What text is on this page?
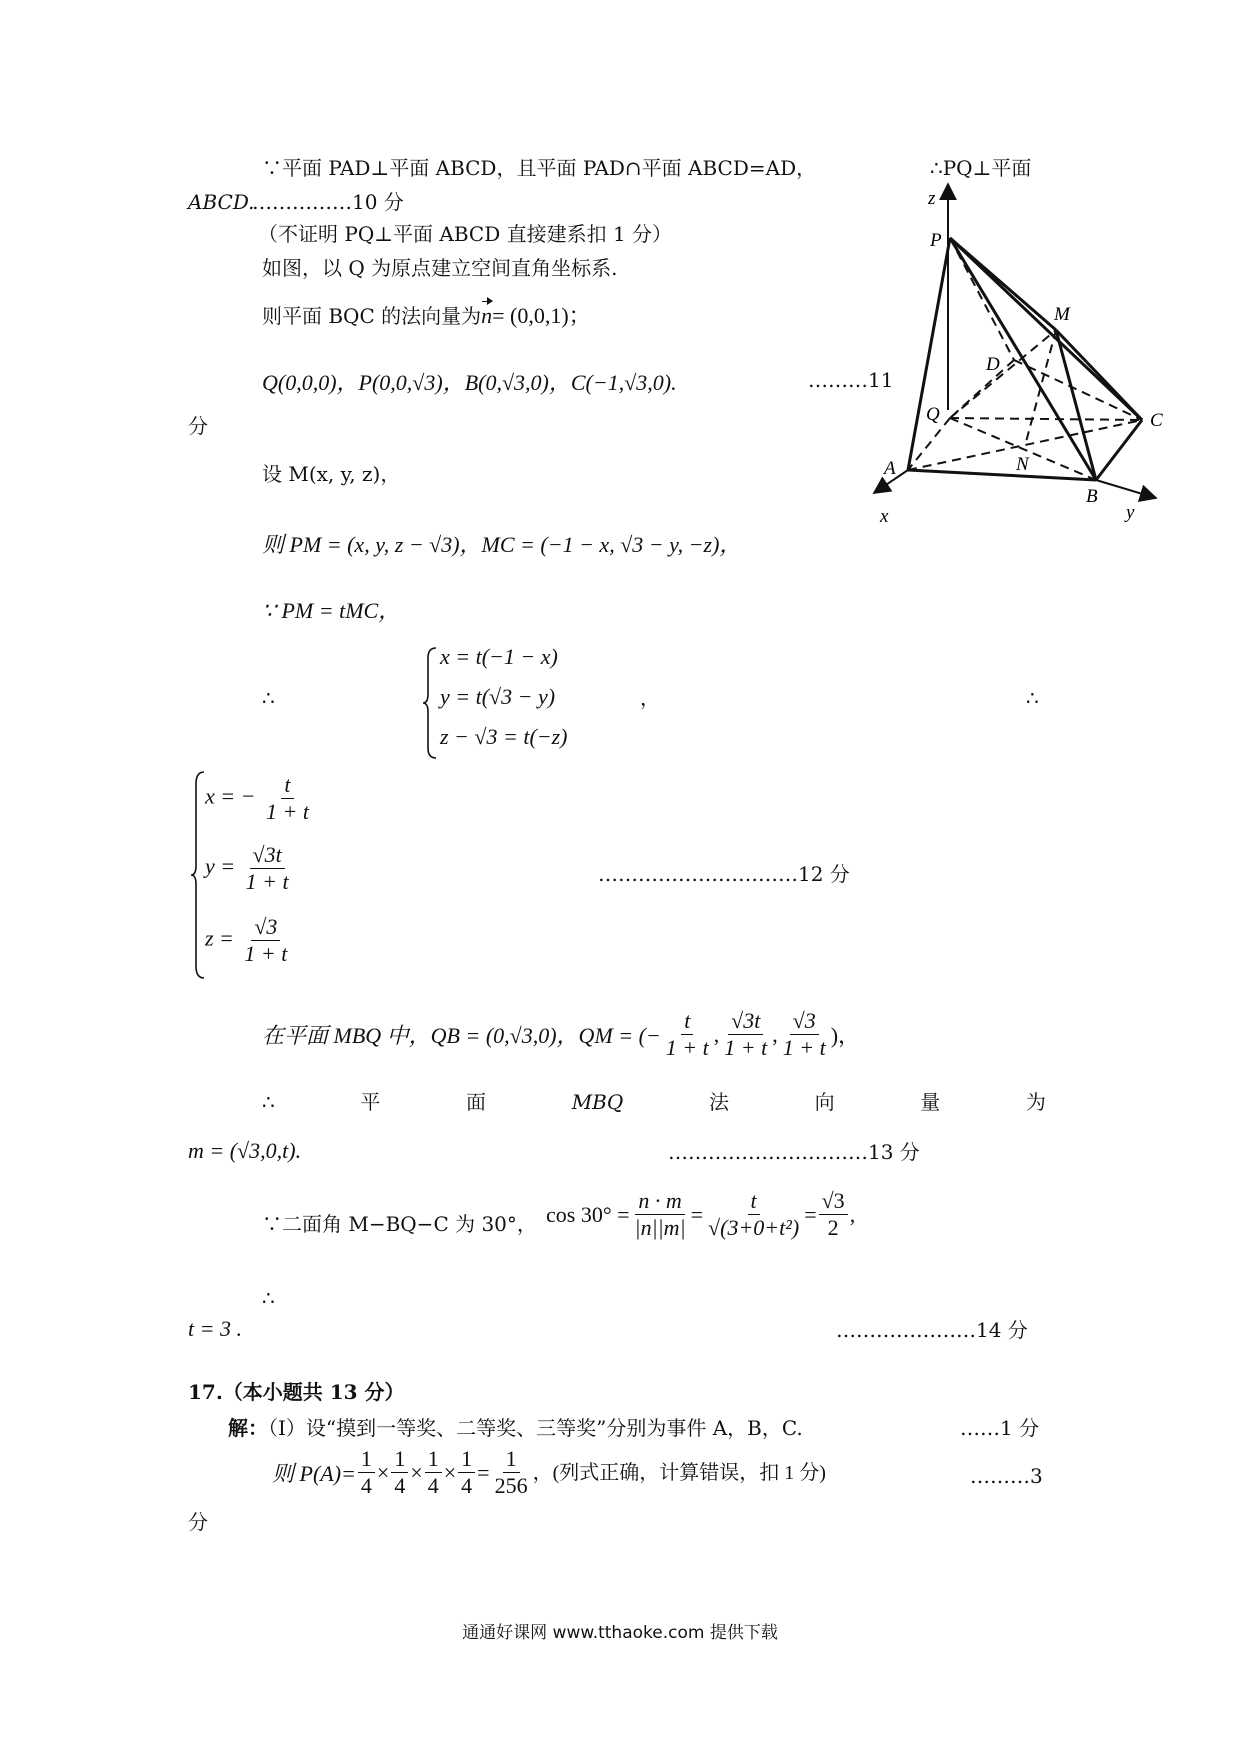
∵平面 PAD⊥平面 ABCD，且平面 PAD∩平面 ABCD=AD，	∴PQ⊥平面
ABCD.
……………10 分
（不证明 PQ⊥平面 ABCD 直接建系扣 1 分）
如图，以 Q 为原点建立空间直角坐标系.
则平面 BQC 的法向量为n= (0,0,1)；
Q(0,0,0)，P(0,0,√3)，B(0,√3,0)，C(−1,√3,0).	………11
分
设 M(x, y, z)，
则 PM = (x, y, z − √3)，MC = (−1 − x, √3 − y, −z)，
∵ PM = tMC，
∴
x = t(−1 − x)
y = t(√3 − y)
z − √3 = t(−z)
，	∴
x = − $\frac{t}{1 + t}$
$y = \frac{√3t}{1 + t}$
$z = \frac{√3}{1 + t}$
…………………………12 分
在平面 MBQ 中，QB = (0,√3,0)，QM = (− $\frac{t}{1 + t}$ , $\frac{√3t}{1 + t}$ , $\frac{√3}{1 + t}$ )，
∴	平	面	MBQ	法	向	量	为
m = (√3,0,t).	…………………………13 分
∵二面角 M−BQ−C 为 30°， $\cos 30^\circ = \frac{n \cdot m}{|n||m|} = \frac{t}{\text{√(3+0+t²)}} = \frac{√3}{2}$ ,
∴
t = 3 .	…………………14 分
17.（本小题共 13 分）
解：（Ⅰ）设“摸到一等奖、二等奖、三等奖”分别为事件 A，B，C.	……1 分
则 $P(A)= \frac{1}{4} \times \frac{1}{4} \times \frac{1}{4} \times \frac{1}{4} = \frac{1}{256}$ ，(列式正确，计算错误，扣 1 分)	………3
分
通通好课网 www.tthaoke.com 提供下载
P
M
D
Q	C
A	N
B
x	y
z
